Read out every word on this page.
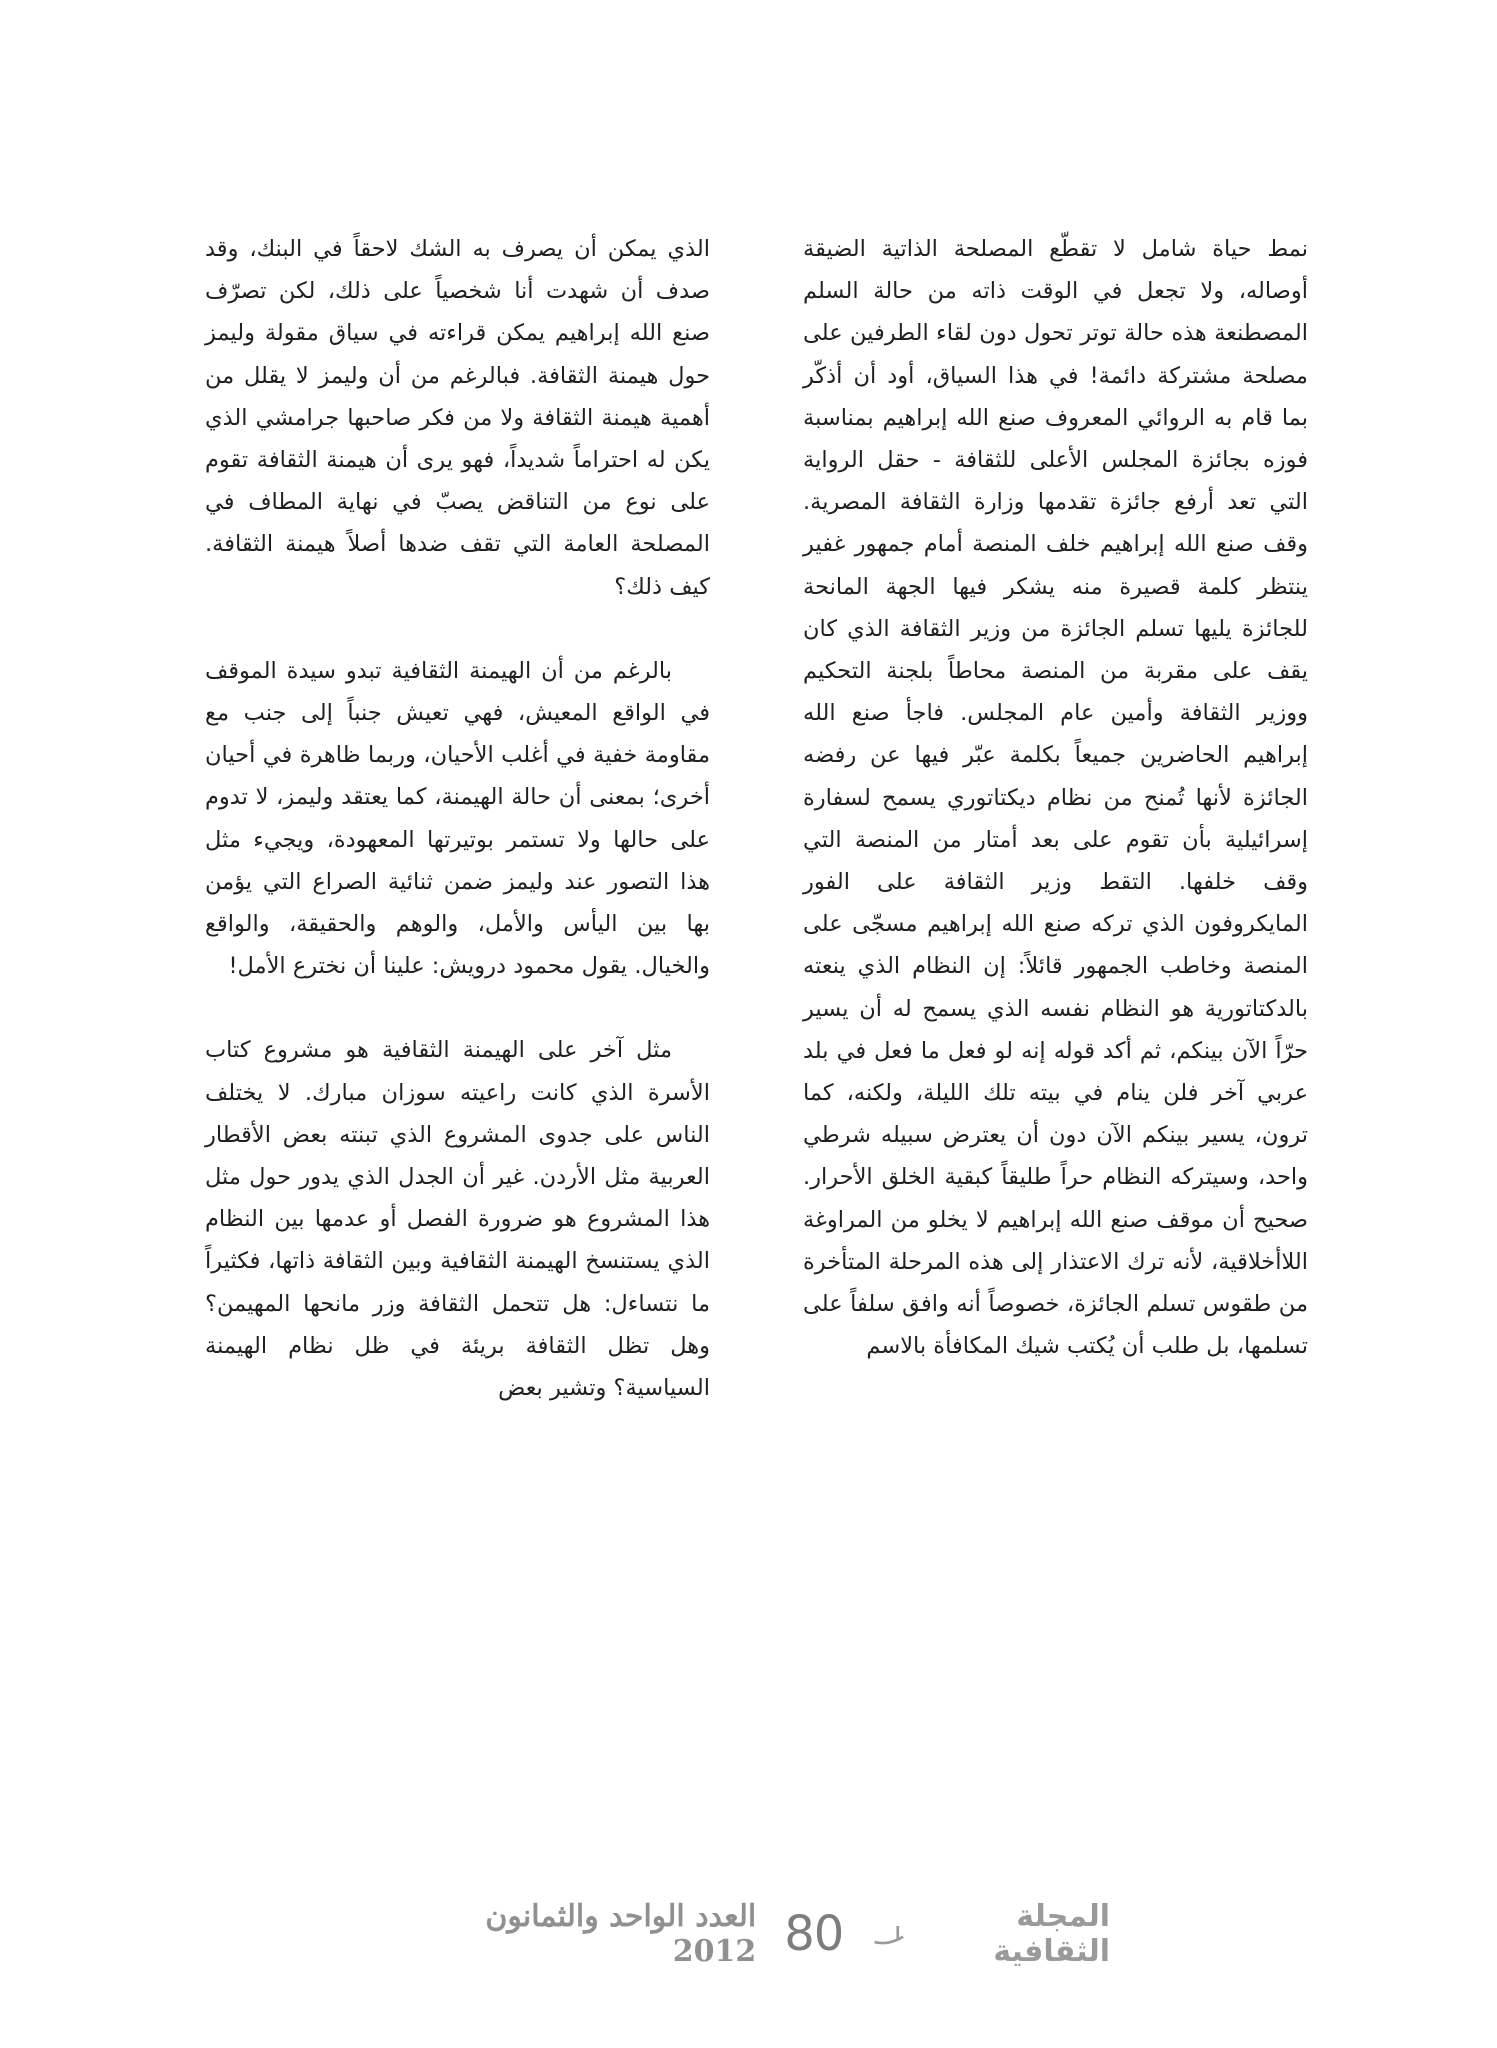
نمط حياة شامل لا تقطّع المصلحة الذاتية الضيقة أوصاله، ولا تجعل في الوقت ذاته من حالة السلم المصطنعة هذه حالة توتر تحول دون لقاء الطرفين على مصلحة مشتركة دائمة! في هذا السياق، أود أن أذكّر بما قام به الروائي المعروف صنع الله إبراهيم بمناسبة فوزه بجائزة المجلس الأعلى للثقافة - حقل الرواية التي تعد أرفع جائزة تقدمها وزارة الثقافة المصرية. وقف صنع الله إبراهيم خلف المنصة أمام جمهور غفير ينتظر كلمة قصيرة منه يشكر فيها الجهة المانحة للجائزة يليها تسلم الجائزة من وزير الثقافة الذي كان يقف على مقربة من المنصة محاطاً بلجنة التحكيم ووزير الثقافة وأمين عام المجلس. فاجأ صنع الله إبراهيم الحاضرين جميعاً بكلمة عبّر فيها عن رفضه الجائزة لأنها تُمنح من نظام ديكتاتوري يسمح لسفارة إسرائيلية بأن تقوم على بعد أمتار من المنصة التي وقف خلفها. التقط وزير الثقافة على الفور المايكروفون الذي تركه صنع الله إبراهيم مسجّى على المنصة وخاطب الجمهور قائلاً: إن النظام الذي ينعته بالدكتاتورية هو النظام نفسه الذي يسمح له أن يسير حرّاً الآن بينكم، ثم أكد قوله إنه لو فعل ما فعل في بلد عربي آخر فلن ينام في بيته تلك الليلة، ولكنه، كما ترون، يسير بينكم الآن دون أن يعترض سبيله شرطي واحد، وسيتركه النظام حراً طليقاً كبقية الخلق الأحرار. صحيح أن موقف صنع الله إبراهيم لا يخلو من المراوغة اللاأخلاقية، لأنه ترك الاعتذار إلى هذه المرحلة المتأخرة من طقوس تسلم الجائزة، خصوصاً أنه وافق سلفاً على تسلمها، بل طلب أن يُكتب شيك المكافأة بالاسم

الذي يمكن أن يصرف به الشك لاحقاً في البنك، وقد صدف أن شهدت أنا شخصياً على ذلك، لكن تصرّف صنع الله إبراهيم يمكن قراءته في سياق مقولة وليمز حول هيمنة الثقافة. فبالرغم من أن وليمز لا يقلل من أهمية هيمنة الثقافة ولا من فكر صاحبها جرامشي الذي يكن له احتراماً شديداً، فهو يرى أن هيمنة الثقافة تقوم على نوع من التناقض يصبّ في نهاية المطاف في المصلحة العامة التي تقف ضدها أصلاً هيمنة الثقافة. كيف ذلك؟

بالرغم من أن الهيمنة الثقافية تبدو سيدة الموقف في الواقع المعيش، فهي تعيش جنباً إلى جنب مع مقاومة خفية في أغلب الأحيان، وربما ظاهرة في أحيان أخرى؛ بمعنى أن حالة الهيمنة، كما يعتقد وليمز، لا تدوم على حالها ولا تستمر بوتيرتها المعهودة، ويجيء مثل هذا التصور عند وليمز ضمن ثنائية الصراع التي يؤمن بها بين اليأس والأمل، والوهم والحقيقة، والواقع والخيال. يقول محمود درويش: علينا أن نخترع الأمل!

مثل آخر على الهيمنة الثقافية هو مشروع كتاب الأسرة الذي كانت راعيته سوزان مبارك. لا يختلف الناس على جدوى المشروع الذي تبنته بعض الأقطار العربية مثل الأردن. غير أن الجدل الذي يدور حول مثل هذا المشروع هو ضرورة الفصل أو عدمها بين النظام الذي يستنسخ الهيمنة الثقافية وبين الثقافة ذاتها، فكثيراً ما نتساءل: هل تتحمل الثقافة وزر مانحها المهيمن؟ وهل تظل الثقافة بريئة في ظل نظام الهيمنة السياسية؟ وتشير بعض

العدد الواحد والثمانون 2012 80	المجلة الثقافية
